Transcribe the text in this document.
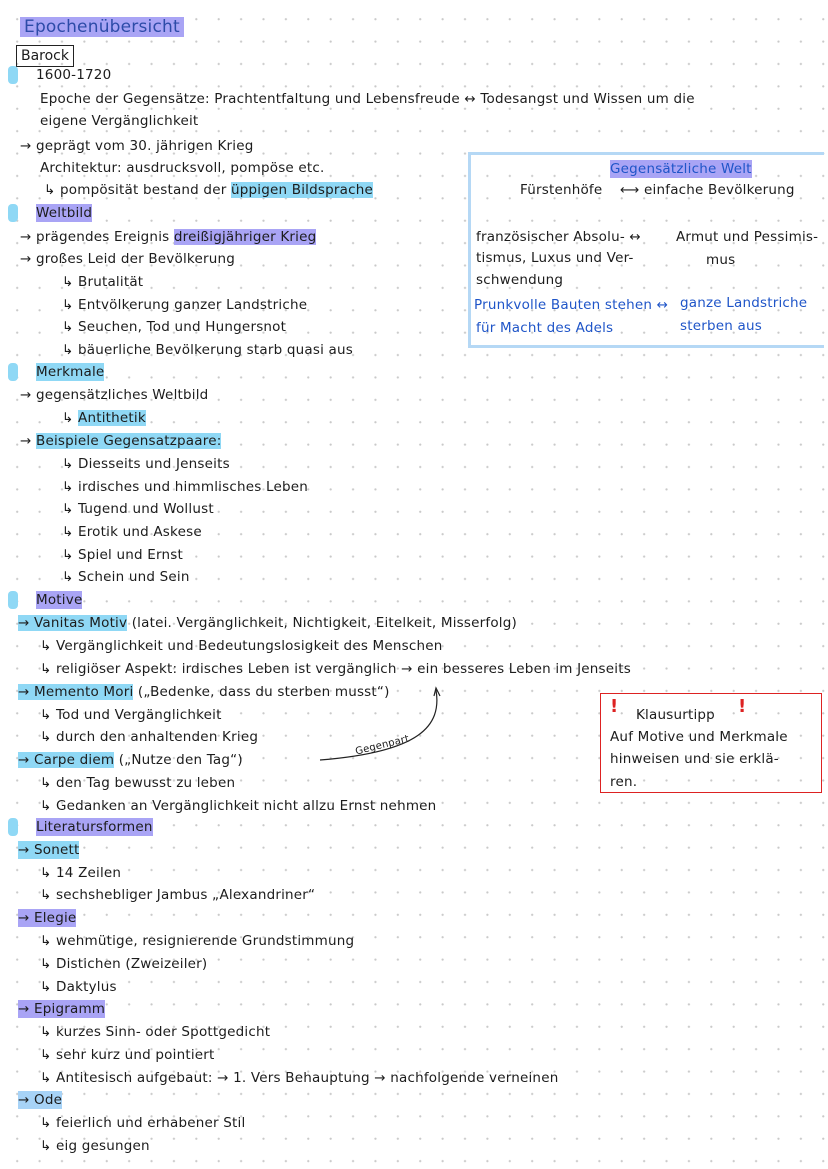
Epochenübersicht
Barock
1600-1720
Epoche der Gegensätze: Prachtentfaltung und Lebensfreude ↔ Todesangst und Wissen um die
eigene Vergänglichkeit
→ geprägt vom 30. jährigen Krieg
Architektur: ausdrucksvoll, pompöse etc.
↳ pompösität bestand der üppigen Bildsprache
Weltbild
→ prägendes Ereignis dreißigjähriger Krieg
→ großes Leid der Bevölkerung
↳ Brutalität
↳ Entvölkerung ganzer Landstriche
↳ Seuchen, Tod und Hungersnot
↳ bäuerliche Bevölkerung starb quasi aus
Gegensätzliche Welt
Fürstenhöfe ⟷ einfache Bevölkerung
französischer Absolu- ↔
tismus, Luxus und Ver-
schwendung
Armut und Pessimis-
mus
Prunkvolle Bauten stehen ↔
für Macht des Adels
ganze Landstriche
sterben aus
Merkmale
→ gegensätzliches Weltbild
↳ Antithetik
→ Beispiele Gegensatzpaare:
↳ Diesseits und Jenseits
↳ irdisches und himmlisches Leben
↳ Tugend und Wollust
↳ Erotik und Askese
↳ Spiel und Ernst
↳ Schein und Sein
Motive
→ Vanitas Motiv (latei. Vergänglichkeit, Nichtigkeit, Eitelkeit, Misserfolg)
↳ Vergänglichkeit und Bedeutungslosigkeit des Menschen
↳ religiöser Aspekt: irdisches Leben ist vergänglich → ein besseres Leben im Jenseits
→ Memento Mori („Bedenke, dass du sterben musst“)
↳ Tod und Vergänglichkeit
↳ durch den anhaltenden Krieg
→ Carpe diem („Nutze den Tag“)
Gegenpart
↳ den Tag bewusst zu leben
↳ Gedanken an Vergänglichkeit nicht allzu Ernst nehmen
! Klausurtipp !
Auf Motive und Merkmale
hinweisen und sie erklä-
ren.
Literatursformen
→ Sonett
↳ 14 Zeilen
↳ sechshebliger Jambus „Alexandriner“
→ Elegie
↳ wehmütige, resignierende Grundstimmung
↳ Distichen (Zweizeiler)
↳ Daktylus
→ Epigramm
↳ kurzes Sinn- oder Spottgedicht
↳ sehr kurz und pointiert
↳ Antitesisch aufgebaut: → 1. Vers Behauptung → nachfolgende verneinen
→ Ode
↳ feierlich und erhabener Stil
↳ eig gesungen
